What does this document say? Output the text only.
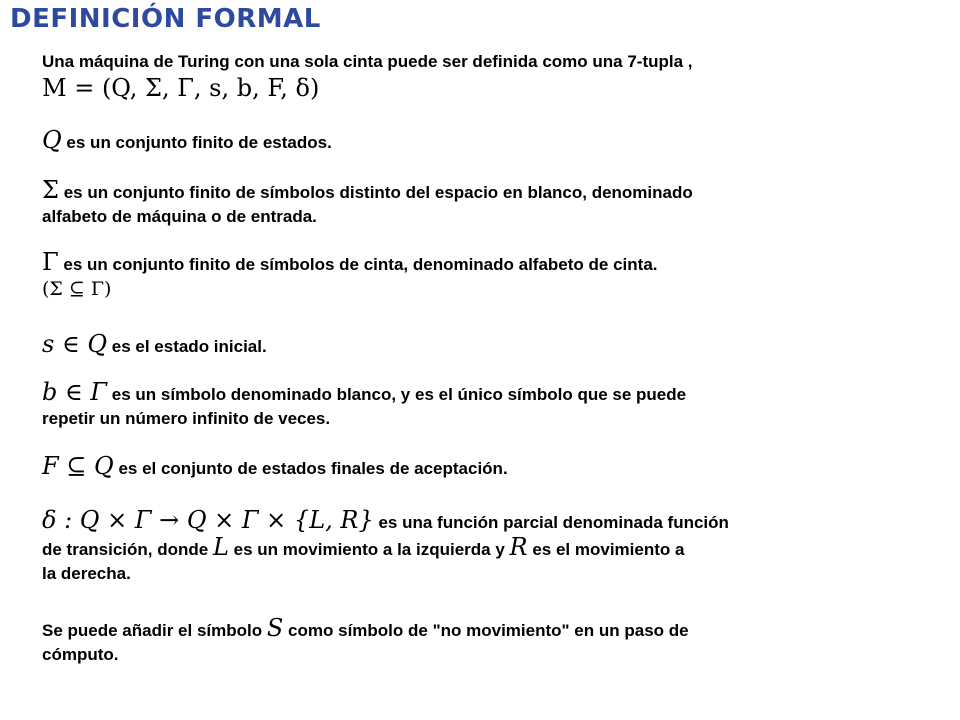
DEFINICIÓN FORMAL
Una máquina de Turing con una sola cinta puede ser definida como una 7-tupla ,
M = (Q, Σ, Γ, s, b, F, δ)
Q es un conjunto finito de estados.
Σ es un conjunto finito de símbolos distinto del espacio en blanco, denominado
alfabeto de máquina o de entrada.
Γ es un conjunto finito de símbolos de cinta, denominado alfabeto de cinta.
(Σ ⊆ Γ)
s ∈ Q es el estado inicial.
b ∈ Γ es un símbolo denominado blanco, y es el único símbolo que se puede
repetir un número infinito de veces.
F ⊆ Q es el conjunto de estados finales de aceptación.
δ : Q × Γ → Q × Γ × {L, R} es una función parcial denominada función
de transición, donde L es un movimiento a la izquierda y R es el movimiento a
la derecha.
Se puede añadir el símbolo S como símbolo de "no movimiento" en un paso de
cómputo.
